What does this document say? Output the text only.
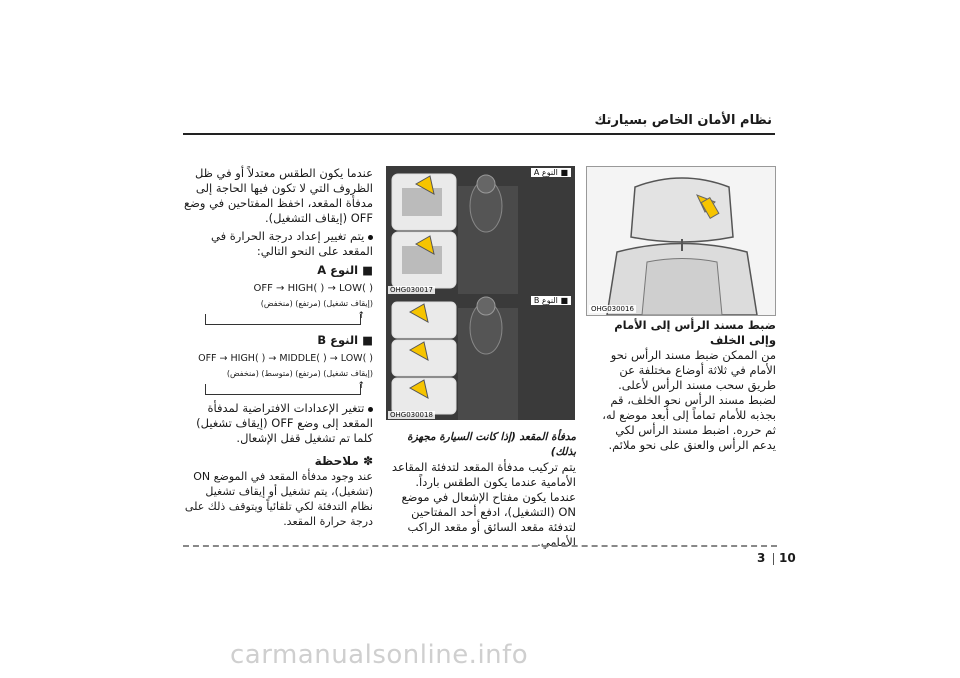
نظام الأمان الخاص بسيارتك
OHG030016
■ النوع A
OHG030017
■ النوع B
OHG030018

ضبط مسند الرأس إلى الأمام وإلى الخلف

من الممكن ضبط مسند الرأس نحو الأمام في ثلاثة أوضاع مختلفة عن طريق سحب مسند الرأس لأعلى. لضبط مسند الرأس نحو الخلف، قم بجذبه للأمام تماماً إلى أبعد موضع له، ثم حرره. اضبط مسند الرأس لكي يدعم الرأس والعنق على نحو ملائم.

مدفأة المقعد (إذا كانت السيارة مجهزة بذلك)

يتم تركيب مدفأة المقعد لتدفئة المقاعد الأمامية عندما يكون الطقس بارداً. عندما يكون مفتاح الإشعال في موضع ON (التشغيل)، ادفع أحد المفتاحين لتدفئة مقعد السائق أو مقعد الراكب الأمامي.

عندما يكون الطقس معتدلاً أو في ظل الظروف التي لا تكون فيها الحاجة إلى مدفأة المقعد، اخفظ المفتاحين في وضع OFF (إيقاف التشغيل).

يتم تغيير إعداد درجة الحرارة في المقعد على النحو التالي:

■ النوع A

OFF → HIGH( ) → LOW( )
(إيقاف تشغيل) (مرتفع) (منخفض)
↑

■ النوع B

OFF → HIGH( ) → MIDDLE( ) → LOW( )
(إيقاف تشغيل) (مرتفع) (متوسط) (منخفض)
↑

تتغير الإعدادات الافتراضية لمدفأة المقعد إلى وضع OFF (إيقاف تشغيل) كلما تم تشغيل قفل الإشعال.

✽ ملاحظة

عند وجود مدفأة المقعد في الموضع ON (تشغيل)، يتم تشغيل أو إيقاف تشغيل نظام التدفئة لكي تلقائياً ويتوقف ذلك على درجة حرارة المقعد.

3 10
carmanualsonline.info
